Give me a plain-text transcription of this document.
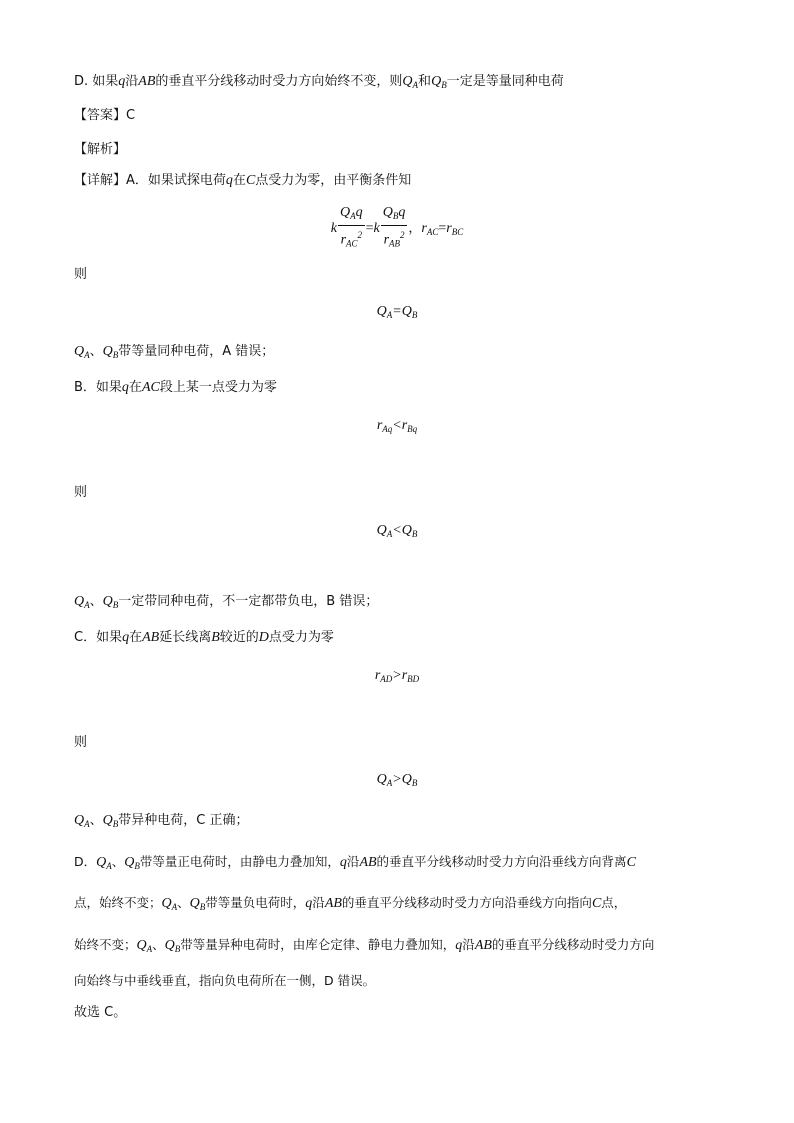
D. 如果q沿AB的垂直平分线移动时受力方向始终不变，则$Q_A$和$Q_B$一定是等量同种电荷
【答案】C
【解析】
【详解】A．如果试探电荷q在C点受力为零，由平衡条件知
k $\frac{Q_Aq}{r_{AC}^2} =k \frac{Q_Bq}{r_{AB}^2}$ ，$r_{AC}=r_{BC}$
则
$Q_A=Q_B$
$Q_A$、$Q_B$带等量同种电荷，A 错误；
B．如果q在AC段上某一点受力为零
$r_{Aq}<r_{Bq}$
则
$Q_A<Q_B$
$Q_A$、$Q_B$一定带同种电荷，不一定都带负电，B 错误；
C．如果q在AB延长线离B较近的D点受力为零
$r_{AD}>r_{BD}$
则
$Q_A>Q_B$
$Q_A$、$Q_B$带异种电荷，C 正确；
D．$Q_A$、$Q_B$带等量正电荷时，由静电力叠加知，q沿AB的垂直平分线移动时受力方向沿垂线方向背离C
点，始终不变；$Q_A$、$Q_B$带等量负电荷时，q沿AB的垂直平分线移动时受力方向沿垂线方向指向C点，
始终不变；$Q_A$、$Q_B$带等量异种电荷时，由库仑定律、静电力叠加知，q沿AB的垂直平分线移动时受力方向
向始终与中垂线垂直，指向负电荷所在一侧，D 错误。
故选 C。
